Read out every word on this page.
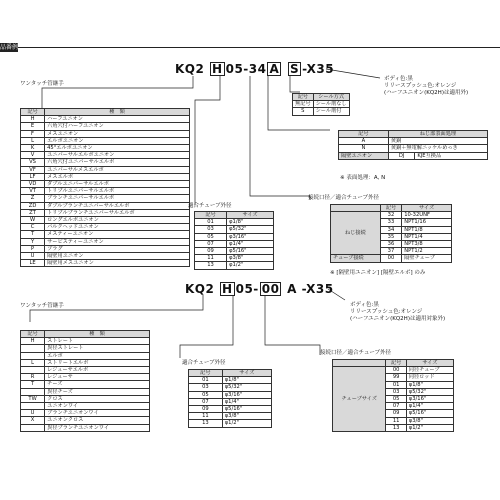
品番例
KQ2 H 05-34 A S -X35
ワンタッチ管継手
ボディ色:黒
リリースプッシュ色:オレンジ
(ハーフユニオン(KQ2H)は適用外)
記号	シール方式
無記号	シール剤なし
S	シール剤付
記号	種　類
H	ハーフユニオン
E	六角穴付ハーフユニオン
F	メスユニオン
L	エルボユニオン
K	45°エルボユニオン
V	ユニバーサルエルボユニオン
VS	六角穴付ユニバーサルエルボ
VF	ユニバーサルメスエルボ
LF	メスエルボ
VD	ダブルユニバーサルエルボ
VT	トリプルユニバーサルエルボ
Z	ブランチユニバーサルエルボ
ZD	ダブルブランチユニバーサルエルボ
ZT	トリプルブランチユニバーサルエルボ
W	ロングエルボユニオン
C	バルクヘッドユニオン
T	メスティーユニオン
Y	サービスティーユニオン
P	プラグ
U	隔壁用ユニオン
LE	隔壁用メスユニオン
記号	ねじ部表面処理	
A	黄銅	
N	黄銅＋無電解ニッケルめっき	
隔壁ユニオン	DJ	KJE互換品
※ 表面処理：A, N
適合チューブ外径
記号	サイズ
01	φ1/8"
03	φ5/32"
05	φ3/16"
07	φ1/4"
09	φ5/16"
11	φ3/8"
13	φ1/2"
接続口径／適合チューブ外径
	記号	サイズ
ねじ接続	32	10-32UNF
	33	NPT1/16
	34	NPT1/8
	35	NPT1/4
	36	NPT3/8
	37	NPT1/2
チューブ接続	00	隔壁チューブ
※ [隔壁用ユニオン] [隔壁エルボ] のみ
KQ2 H 05- 00 A -X35
ワンタッチ管継手	ボディ色:黒
リリースプッシュ色:オレンジ
(ハーフユニオン(KQ2H)は適用対象外)
記号	種　類
H	ストレート
	異径ストレート
	エルボ
L	ストリートエルボ
	レジューサエルボ
R	レジューサ
T	チーズ
	異径チーズ
TW	クロス
	ユニオンワイ
U	ブランチユニオンワイ
X	ユニオンクロス
	異径ブランチユニオンワイ
適合チューブ外径
記号	サイズ
01	φ1/8"
03	φ5/32"
05	φ3/16"
07	φ1/4"
09	φ5/16"
11	φ3/8"
13	φ1/2"
接続口径／適合チューブ外径
	記号	サイズ
チューブサイズ	00	同径チューブ
	99	同径ロッド
	01	φ1/8"
	03	φ5/32"
	05	φ3/16"
	07	φ1/4"
	09	φ5/16"
	11	φ3/8"
	13	φ1/2"
